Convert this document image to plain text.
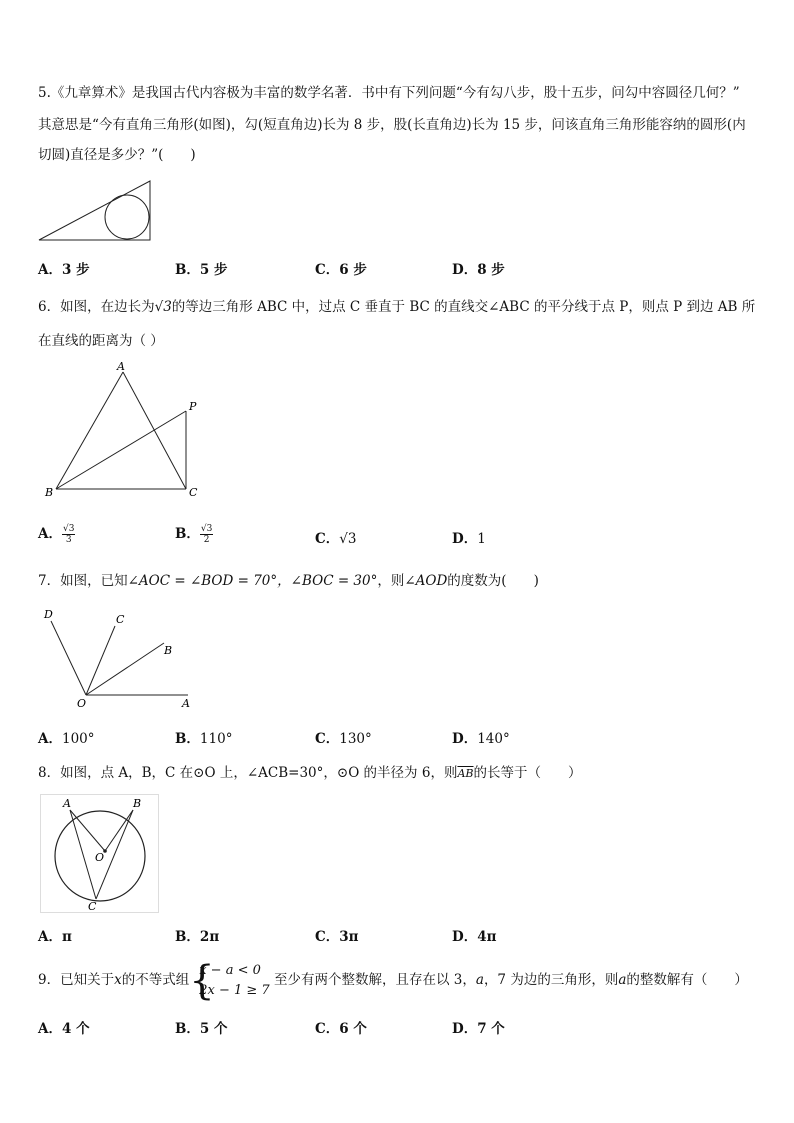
5.《九章算术》是我国古代内容极为丰富的数学名著．书中有下列问题“今有勾八步，股十五步，问勾中容圆径几何？”
其意思是“今有直角三角形(如图)，勾(短直角边)长为 8 步，股(长直角边)长为 15 步，问该直角三角形能容纳的圆形(内
切圆)直径是多少？”(　　)
A．3 步	B．5 步	C．6 步	D．8 步
6．如图，在边长为√3的等边三角形 ABC 中，过点 C 垂直于 BC 的直线交∠ABC 的平分线于点 P，则点 P 到边 AB 所
在直线的距离为（ ）
A
B	C
P
A． $\frac{√3}{3}$	B． $\frac{√3}{2}$	C．√3	D．1
7．如图，已知∠AOC = ∠BOD = 70°，∠BOC = 30°，则∠AOD的度数为(　　)
D	C
B
O	A
A．100°	B．110°	C．130°	D．140°
8．如图，点 A，B，C 在⊙O 上，∠ACB=30°，⊙O 的半径为 6，则$\overline{AB}$的长等于（　　）
A	B
O
C
A．π	B．2π	C．3π	D．4π
9．已知关于x的不等式组 {
x − a < 0
2x − 1 ≥ 7
至少有两个整数解，且存在以 3，a，7 为边的三角形，则a的整数解有（　　）
A．4 个	B．5 个	C．6 个	D．7 个
